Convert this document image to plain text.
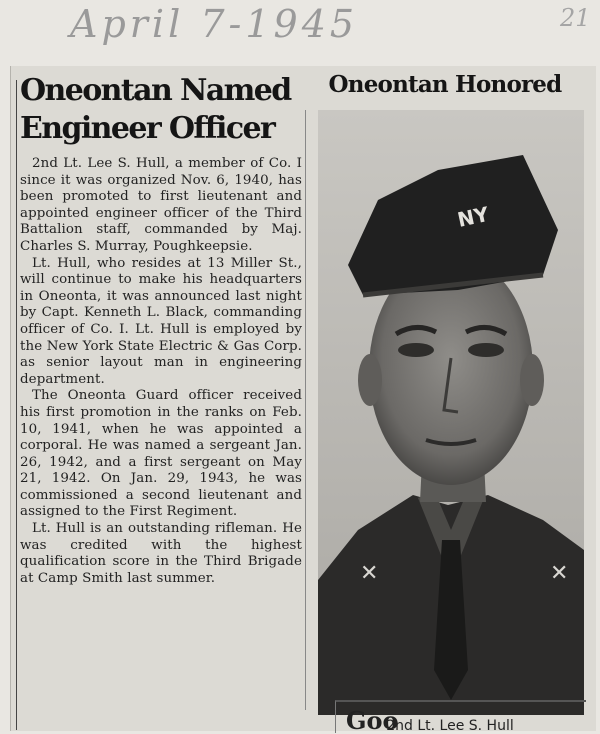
April 7-1945	21
Oneontan Named
Engineer Officer

2nd Lt. Lee S. Hull, a member of Co. I since it was organized Nov. 6, 1940, has been promoted to first lieutenant and appointed engineer officer of the Third Battalion staff, commanded by Maj. Charles S. Murray, Poughkeepsie.

Lt. Hull, who resides at 13 Miller St., will continue to make his headquarters in Oneonta, it was announced last night by Capt. Kenneth L. Black, commanding officer of Co. I. Lt. Hull is employed by the New York State Electric & Gas Corp. as senior layout man in engineering department.

The Oneonta Guard officer received his first promotion in the ranks on Feb. 10, 1941, when he was appointed a corporal. He was named a sergeant Jan. 26, 1942, and a first sergeant on May 21, 1942. On Jan. 29, 1943, he was commissioned a second lieutenant and assigned to the First Regiment.

Lt. Hull is an outstanding rifleman. He was credited with the highest qualification score in the Third Brigade at Camp Smith last summer.

Oneontan Honored
✕	✕
NY
2nd Lt. Lee S. Hull
Goo
